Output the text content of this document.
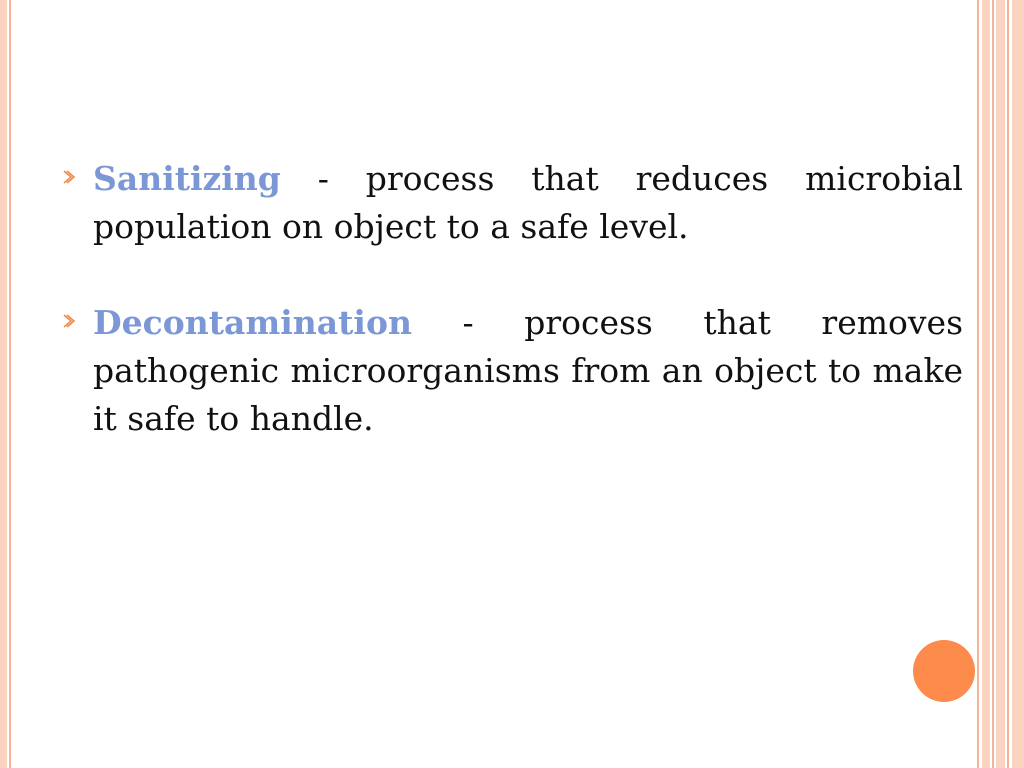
Sanitizing - process that reduces microbial population on object to a safe level.

Decontamination - process that removes pathogenic microorganisms from an object to make it safe to handle.
